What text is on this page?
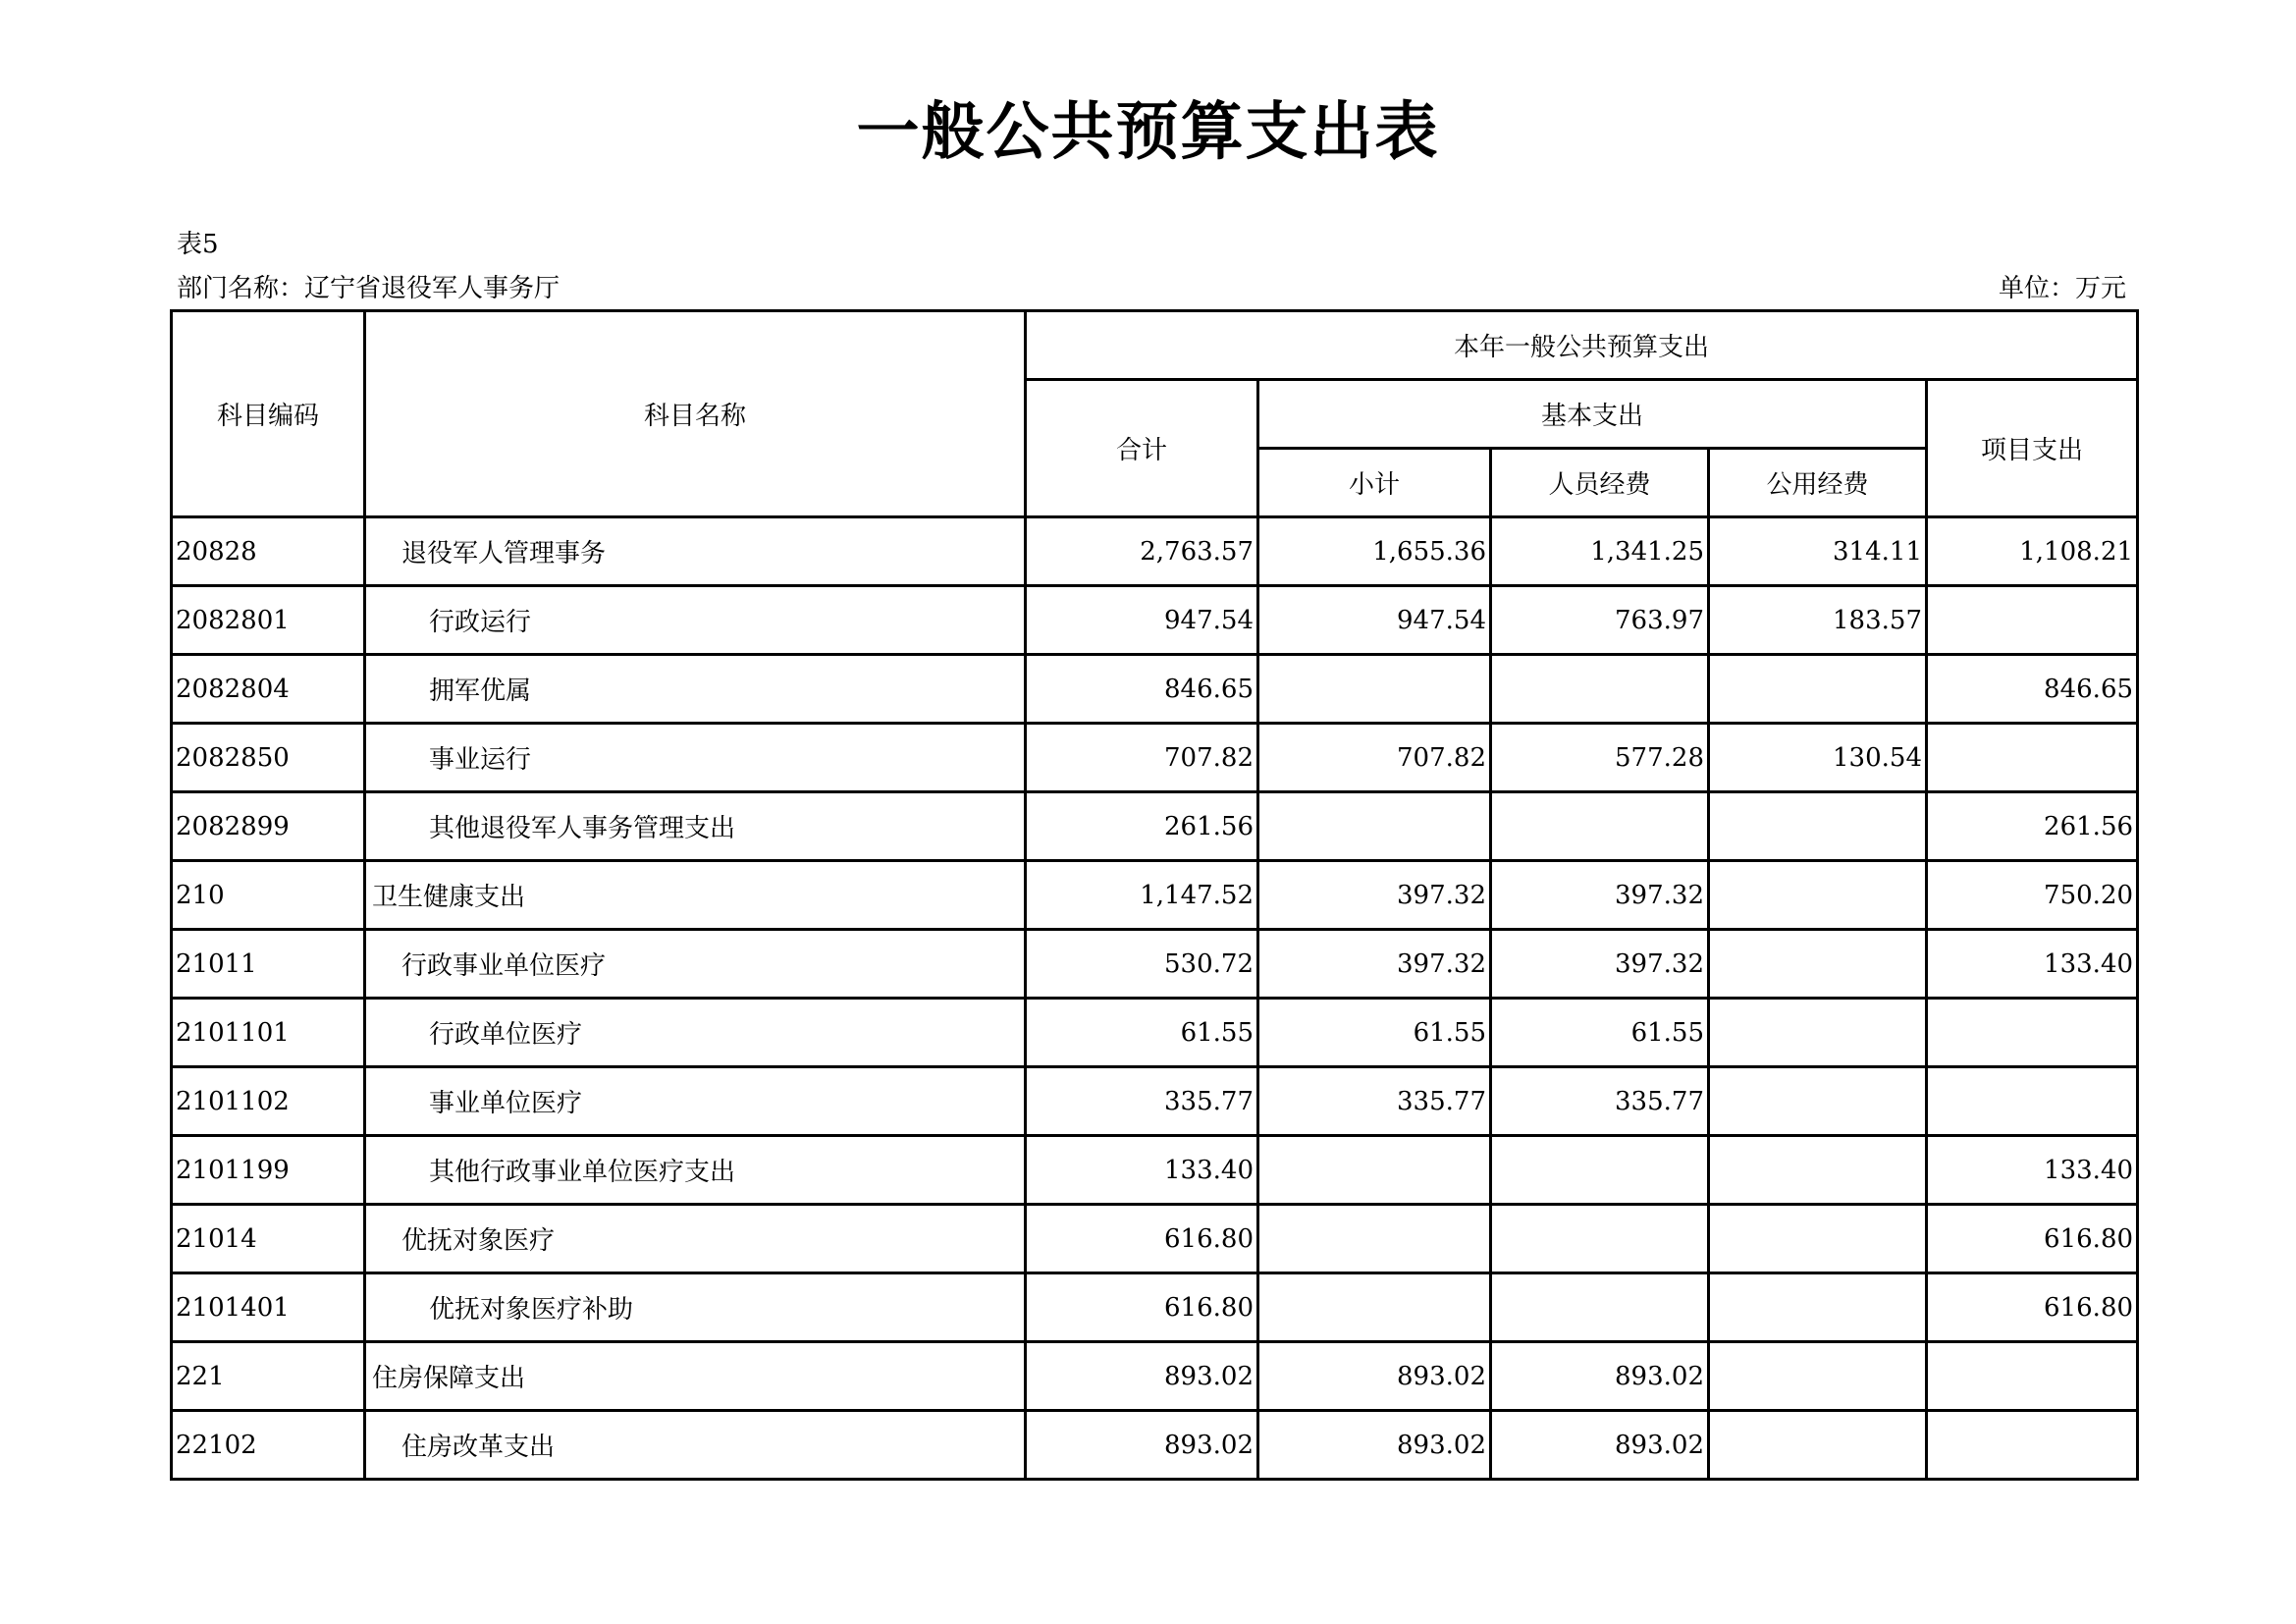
一般公共预算支出表
表5
部门名称：辽宁省退役军人事务厅	单位：万元
科目编码	科目名称	本年一般公共预算支出				
		合计	基本支出			项目支出
			小计	人员经费	公用经费	
20828	退役军人管理事务	2,763.57	1,655.36	1,341.25	314.11	1,108.21
2082801	行政运行	947.54	947.54	763.97	183.57	
2082804	拥军优属	846.65				846.65
2082850	事业运行	707.82	707.82	577.28	130.54	
2082899	其他退役军人事务管理支出	261.56				261.56
210	卫生健康支出	1,147.52	397.32	397.32		750.20
21011	行政事业单位医疗	530.72	397.32	397.32		133.40
2101101	行政单位医疗	61.55	61.55	61.55		
2101102	事业单位医疗	335.77	335.77	335.77		
2101199	其他行政事业单位医疗支出	133.40				133.40
21014	优抚对象医疗	616.80				616.80
2101401	优抚对象医疗补助	616.80				616.80
221	住房保障支出	893.02	893.02	893.02		
22102	住房改革支出	893.02	893.02	893.02		
